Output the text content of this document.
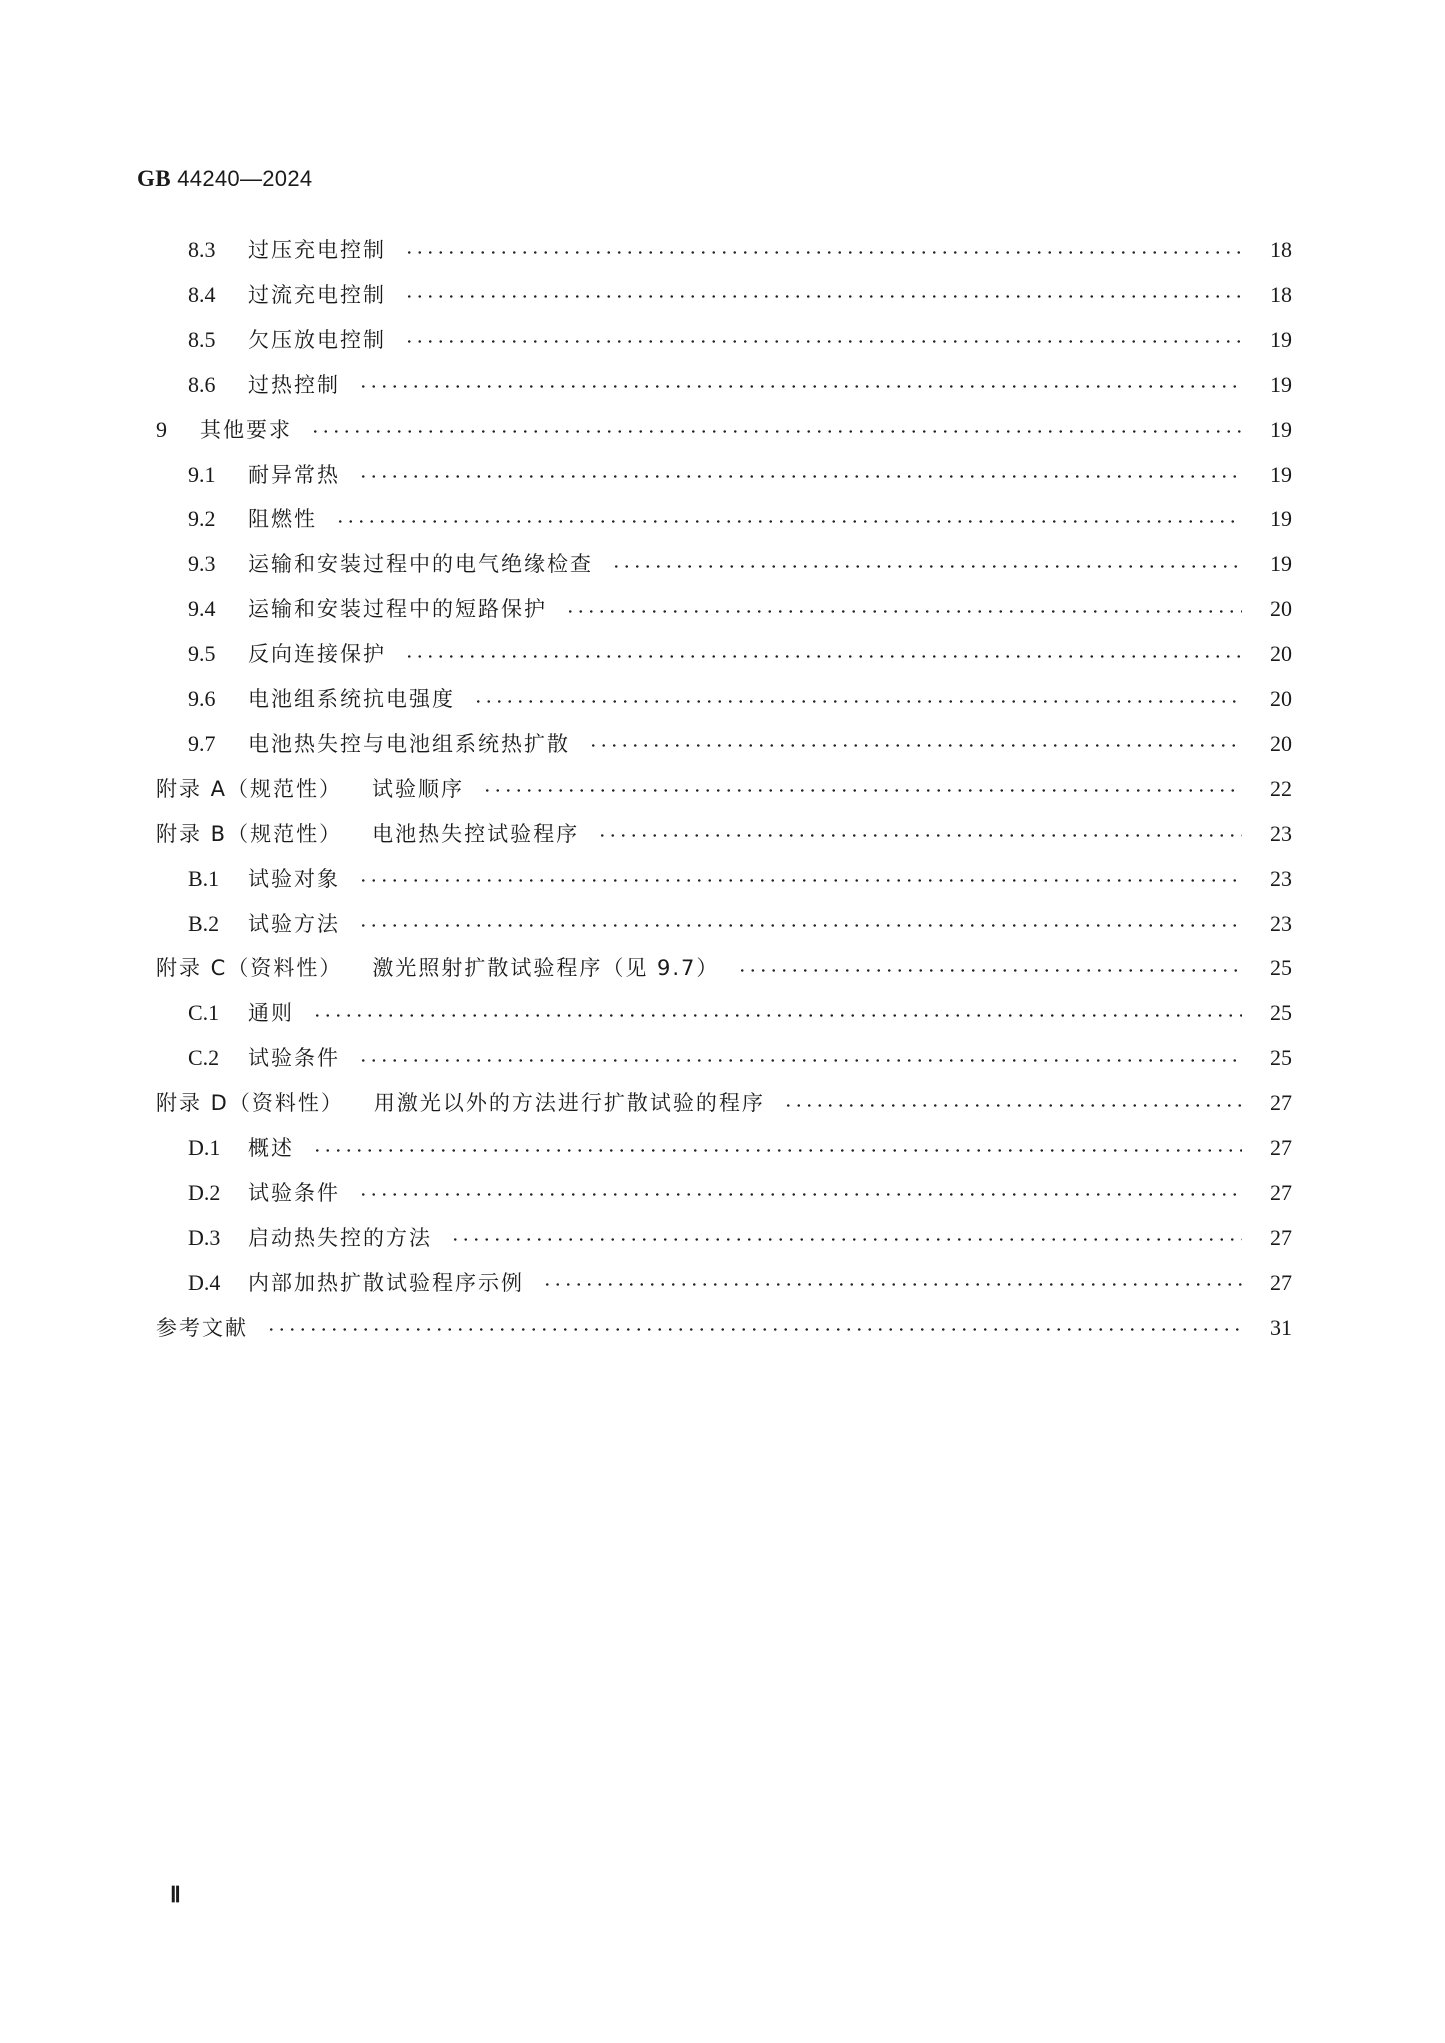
GB 44240—2024
8.3	过压充电控制	18
8.4	过流充电控制	18
8.5	欠压放电控制	19
8.6	过热控制	19
9	其他要求	19
9.1	耐异常热	19
9.2	阻燃性	19
9.3	运输和安装过程中的电气绝缘检查	19
9.4	运输和安装过程中的短路保护	20
9.5	反向连接保护	20
9.6	电池组系统抗电强度	20
9.7	电池热失控与电池组系统热扩散	20
附录 A（规范性） 试验顺序	22
附录 B（规范性） 电池热失控试验程序	23
B.1	试验对象	23
B.2	试验方法	23
附录 C（资料性） 激光照射扩散试验程序（见 9.7）	25
C.1	通则	25
C.2	试验条件	25
附录 D（资料性） 用激光以外的方法进行扩散试验的程序	27
D.1	概述	27
D.2	试验条件	27
D.3	启动热失控的方法	27
D.4	内部加热扩散试验程序示例	27
参考文献	31
Ⅱ
